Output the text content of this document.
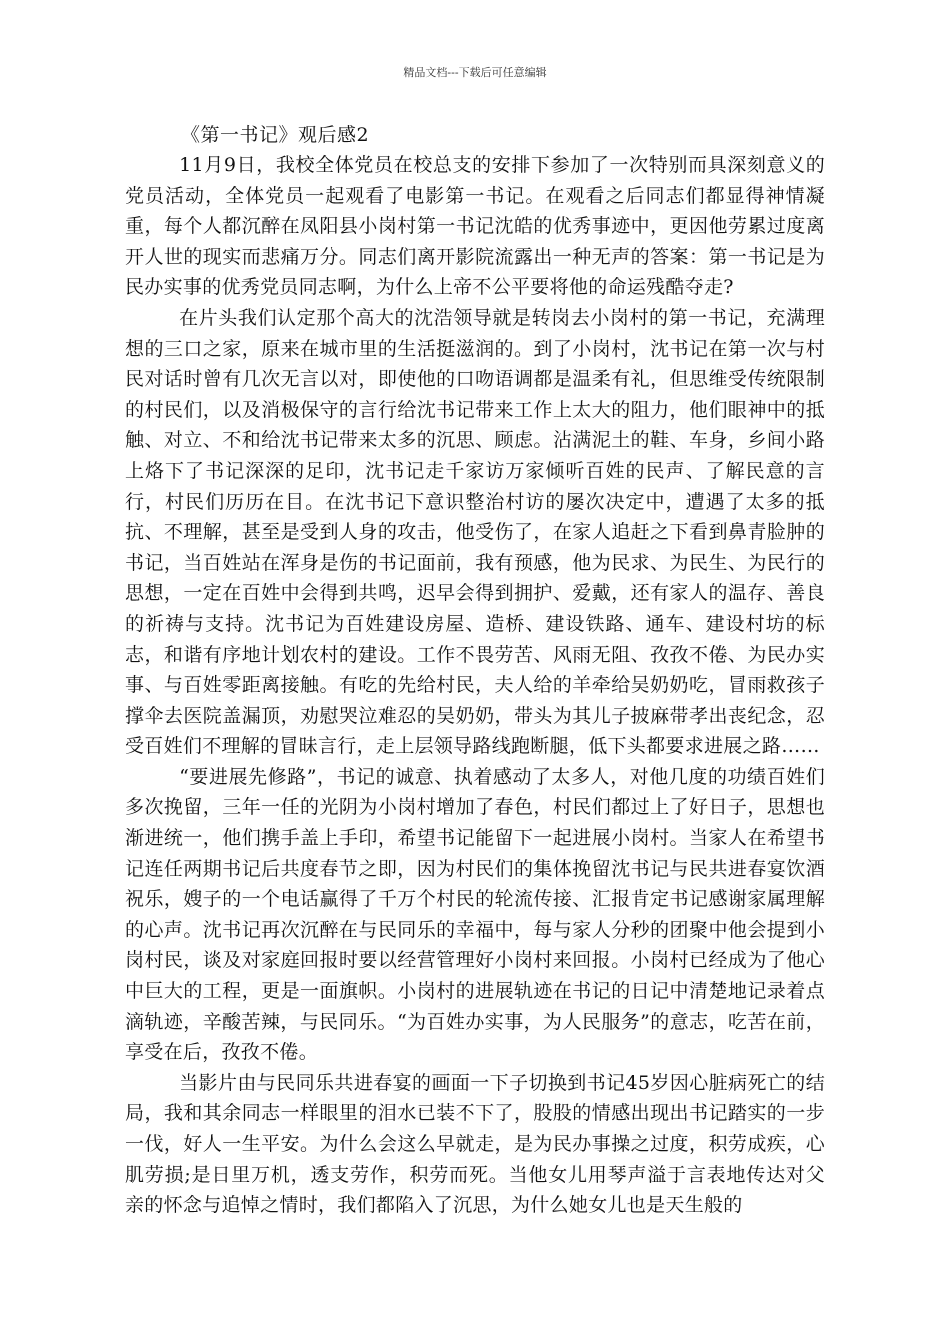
精品文档---下载后可任意编辑
《第一书记》观后感2

11月9日，我校全体党员在校总支的安排下参加了一次特别而具深刻意义的党员活动，全体党员一起观看了电影第一书记。在观看之后同志们都显得神情凝重，每个人都沉醉在凤阳县小岗村第一书记沈皓的优秀事迹中，更因他劳累过度离开人世的现实而悲痛万分。同志们离开影院流露出一种无声的答案：第一书记是为民办实事的优秀党员同志啊，为什么上帝不公平要将他的命运残酷夺走?

在片头我们认定那个高大的沈浩领导就是转岗去小岗村的第一书记，充满理想的三口之家，原来在城市里的生活挺滋润的。到了小岗村，沈书记在第一次与村民对话时曾有几次无言以对，即使他的口吻语调都是温柔有礼，但思维受传统限制的村民们，以及消极保守的言行给沈书记带来工作上太大的阻力，他们眼神中的抵触、对立、不和给沈书记带来太多的沉思、顾虑。沾满泥土的鞋、车身，乡间小路上烙下了书记深深的足印，沈书记走千家访万家倾听百姓的民声、了解民意的言行，村民们历历在目。在沈书记下意识整治村访的屡次决定中，遭遇了太多的抵抗、不理解，甚至是受到人身的攻击，他受伤了，在家人追赶之下看到鼻青脸肿的书记，当百姓站在浑身是伤的书记面前，我有预感，他为民求、为民生、为民行的思想，一定在百姓中会得到共鸣，迟早会得到拥护、爱戴，还有家人的温存、善良的祈祷与支持。沈书记为百姓建设房屋、造桥、建设铁路、通车、建设村坊的标志，和谐有序地计划农村的建设。工作不畏劳苦、风雨无阻、孜孜不倦、为民办实事、与百姓零距离接触。有吃的先给村民，夫人给的羊牵给吴奶奶吃，冒雨救孩子撑伞去医院盖漏顶，劝慰哭泣难忍的吴奶奶，带头为其儿子披麻带孝出丧纪念，忍受百姓们不理解的冒昧言行，走上层领导路线跑断腿，低下头都要求进展之路……

“要进展先修路”，书记的诚意、执着感动了太多人，对他几度的功绩百姓们多次挽留，三年一任的光阴为小岗村增加了春色，村民们都过上了好日子，思想也渐进统一，他们携手盖上手印，希望书记能留下一起进展小岗村。当家人在希望书记连任两期书记后共度春节之即，因为村民们的集体挽留沈书记与民共进春宴饮酒祝乐，嫂子的一个电话赢得了千万个村民的轮流传接、汇报肯定书记感谢家属理解的心声。沈书记再次沉醉在与民同乐的幸福中，每与家人分秒的团聚中他会提到小岗村民，谈及对家庭回报时要以经营管理好小岗村来回报。小岗村已经成为了他心中巨大的工程，更是一面旗帜。小岗村的进展轨迹在书记的日记中清楚地记录着点滴轨迹，辛酸苦辣，与民同乐。“为百姓办实事，为人民服务”的意志，吃苦在前，享受在后，孜孜不倦。

当影片由与民同乐共进春宴的画面一下子切换到书记45岁因心脏病死亡的结局，我和其余同志一样眼里的泪水已装不下了，股股的情感出现出书记踏实的一步一伐，好人一生平安。为什么会这么早就走，是为民办事操之过度，积劳成疾，心肌劳损;是日里万机，透支劳作，积劳而死。当他女儿用琴声溢于言表地传达对父亲的怀念与追悼之情时，我们都陷入了沉思，为什么她女儿也是天生般的
